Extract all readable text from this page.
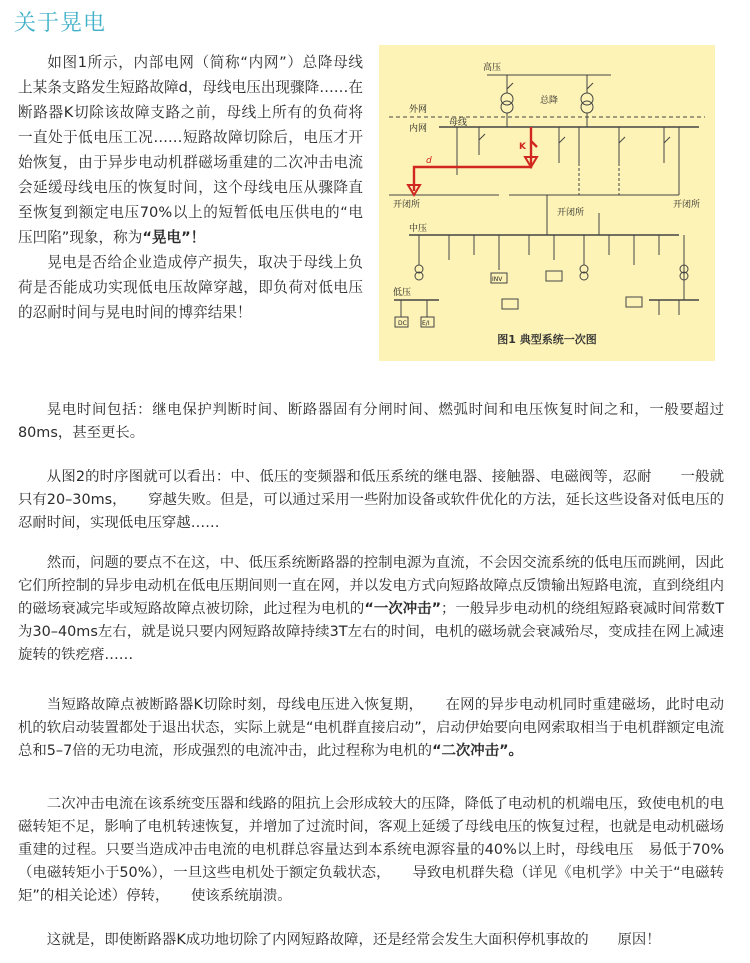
关于晃电

如图1所示，内部电网（简称“内网”）总降母线上某条支路发生短路故障d，母线电压出现骤降……在断路器K切除该故障支路之前，母线上所有的负荷将一直处于低电压工况……短路故障切除后，电压才开始恢复，由于异步电动机群磁场重建的二次冲击电流会延缓母线电压的恢复时间，这个母线电压从骤降直至恢复到额定电压70%以上的短暂低电压供电的“电压凹陷”现象，称为“晃电”！

晃电是否给企业造成停产损失，取决于母线上负荷是否能成功实现低电压故障穿越，即负荷对低电压的忍耐时间与晃电时间的博弈结果！

高压
总降
外网
内网
母线
d
K
开闭所
开闭所
开闭所
中压
低压
INV
DC	E/I
图1 典型系统一次图

晃电时间包括：继电保护判断时间、断路器固有分闸时间、燃弧时间和电压恢复时间之和，一般要超过80ms，甚至更长。

从图2的时序图就可以看出：中、低压的变频器和低压系统的继电器、接触器、电磁阀等，忍耐　　一般就只有20–30ms，　　穿越失败。但是，可以通过采用一些附加设备或软件优化的方法，延长这些设备对低电压的忍耐时间，实现低电压穿越……

然而，问题的要点不在这，中、低压系统断路器的控制电源为直流，不会因交流系统的低电压而跳闸，因此它们所控制的异步电动机在低电压期间则一直在网，并以发电方式向短路故障点反馈输出短路电流，直到绕组内的磁场衰减完毕或短路故障点被切除，此过程为电机的“一次冲击”；一般异步电动机的绕组短路衰减时间常数T为30–40ms左右，就是说只要内网短路故障持续3T左右的时间，电机的磁场就会衰减殆尽，变成挂在网上减速旋转的铁疙瘩……

当短路故障点被断路器K切除时刻，母线电压进入恢复期，　　在网的异步电动机同时重建磁场，此时电动机的软启动装置都处于退出状态，实际上就是“电机群直接启动”，启动伊始要向电网索取相当于电机群额定电流总和5–7倍的无功电流，形成强烈的电流冲击，此过程称为电机的“二次冲击”。

二次冲击电流在该系统变压器和线路的阻抗上会形成较大的压降，降低了电动机的机端电压，致使电机的电磁转矩不足，影响了电机转速恢复，并增加了过流时间，客观上延缓了母线电压的恢复过程，也就是电动机磁场重建的过程。只要当造成冲击电流的电机群总容量达到本系统电源容量的40%以上时，母线电压　易低于70%（电磁转矩小于50%），一旦这些电机处于额定负载状态，　　导致电机群失稳（详见《电机学》中关于“电磁转矩”的相关论述）停转，　　使该系统崩溃。

这就是，即使断路器K成功地切除了内网短路故障，还是经常会发生大面积停机事故的　　原因！
